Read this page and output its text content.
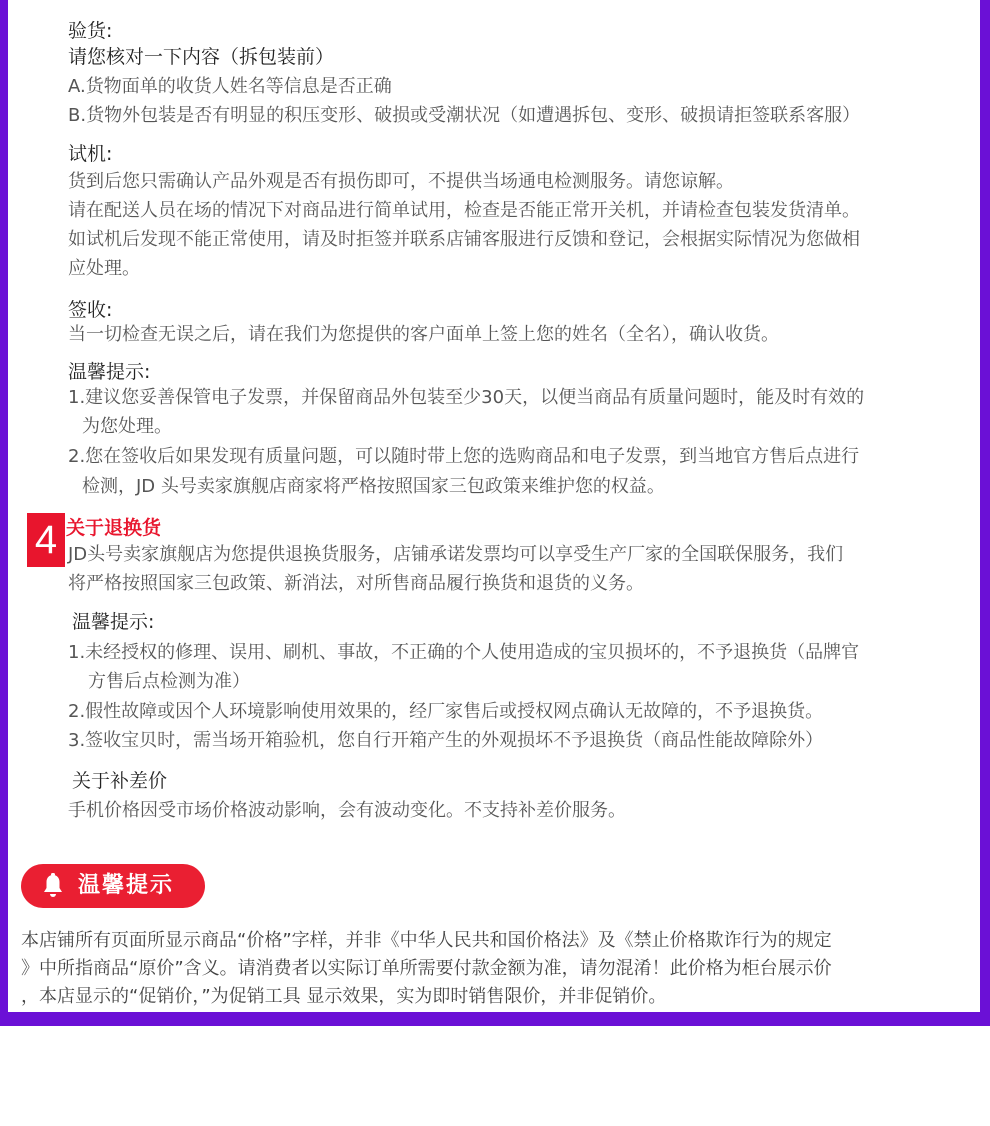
验货:
请您核对一下内容（拆包装前）
A.货物面单的收货人姓名等信息是否正确
B.货物外包装是否有明显的积压变形、破损或受潮状况（如遭遇拆包、变形、破损请拒签联系客服）
试机:
货到后您只需确认产品外观是否有损伤即可，不提供当场通电检测服务。请您谅解。
请在配送人员在场的情况下对商品进行简单试用，检查是否能正常开关机，并请检查包装发货清单。
如试机后发现不能正常使用，请及时拒签并联系店铺客服进行反馈和登记，会根据实际情况为您做相
应处理。
签收:
当一切检查无误之后，请在我们为您提供的客户面单上签上您的姓名（全名），确认收货。
温馨提示:
1.建议您妥善保管电子发票，并保留商品外包装至少30天，以便当商品有质量问题时，能及时有效的
为您处理。
2.您在签收后如果发现有质量问题，可以随时带上您的选购商品和电子发票，到当地官方售后点进行
检测，JD 头号卖家旗舰店商家将严格按照国家三包政策来维护您的权益。
4 关于退换货
JD头号卖家旗舰店为您提供退换货服务，店铺承诺发票均可以享受生产厂家的全国联保服务，我们
将严格按照国家三包政策、新消法，对所售商品履行换货和退货的义务。
温馨提示:
1.未经授权的修理、误用、刷机、事故，不正确的个人使用造成的宝贝损坏的，不予退换货（品牌官
方售后点检测为准）
2.假性故障或因个人环境影响使用效果的，经厂家售后或授权网点确认无故障的，不予退换货。
3.签收宝贝时，需当场开箱验机，您自行开箱产生的外观损坏不予退换货（商品性能故障除外）
关于补差价
手机价格因受市场价格波动影响，会有波动变化。不支持补差价服务。
温馨提示
本店铺所有页面所显示商品“价格”字样，并非《中华人民共和国价格法》及《禁止价格欺诈行为的规定
》中所指商品“原价”含义。请消费者以实际订单所需要付款金额为准，请勿混淆！此价格为柜台展示价
，本店显示的“促销价，”为促销工具 显示效果，实为即时销售限价，并非促销价。
